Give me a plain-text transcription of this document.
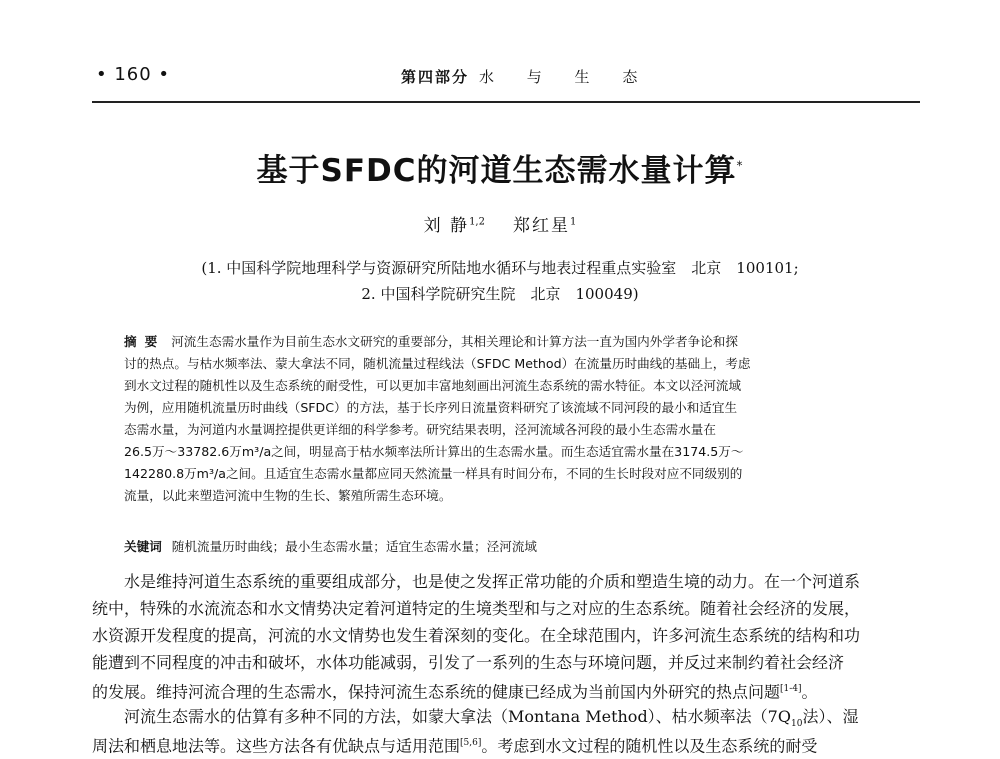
• 160 •	第四部分 水 与 生 态
基于SFDC的河道生态需水量计算*
刘 静$^{1,2}$ 郑红星$^1$
(1. 中国科学院地理科学与资源研究所陆地水循环与地表过程重点实验室　北京　100101;
2. 中国科学院研究生院　北京　100049)
摘要 河流生态需水量作为目前生态水文研究的重要部分，其相关理论和计算方法一直为国内外学者争论和探
讨的热点。与枯水频率法、蒙大拿法不同，随机流量过程线法（SFDC Method）在流量历时曲线的基础上，考虑
到水文过程的随机性以及生态系统的耐受性，可以更加丰富地刻画出河流生态系统的需水特征。本文以泾河流域
为例，应用随机流量历时曲线（SFDC）的方法，基于长序列日流量资料研究了该流域不同河段的最小和适宜生
态需水量，为河道内水量调控提供更详细的科学参考。研究结果表明，泾河流域各河段的最小生态需水量在
26.5万～33782.6万m³/a之间，明显高于枯水频率法所计算出的生态需水量。而生态适宜需水量在3174.5万～
142280.8万m³/a之间。且适宜生态需水量都应同天然流量一样具有时间分布，不同的生长时段对应不同级别的
流量，以此来塑造河流中生物的生长、繁殖所需生态环境。
关键词 随机流量历时曲线；最小生态需水量；适宜生态需水量；泾河流域
水是维持河道生态系统的重要组成部分，也是使之发挥正常功能的介质和塑造生境的动力。在一个河道系
统中，特殊的水流流态和水文情势决定着河道特定的生境类型和与之对应的生态系统。随着社会经济的发展，
水资源开发程度的提高，河流的水文情势也发生着深刻的变化。在全球范围内，许多河流生态系统的结构和功
能遭到不同程度的冲击和破坏，水体功能减弱，引发了一系列的生态与环境问题，并反过来制约着社会经济
的发展。维持河流合理的生态需水，保持河流生态系统的健康已经成为当前国内外研究的热点问题[1-4]。
河流生态需水的估算有多种不同的方法，如蒙大拿法（Montana Method）、枯水频率法（$7Q_{10}$法）、湿
周法和栖息地法等。这些方法各有优缺点与适用范围[5,6]。考虑到水文过程的随机性以及生态系统的耐受
